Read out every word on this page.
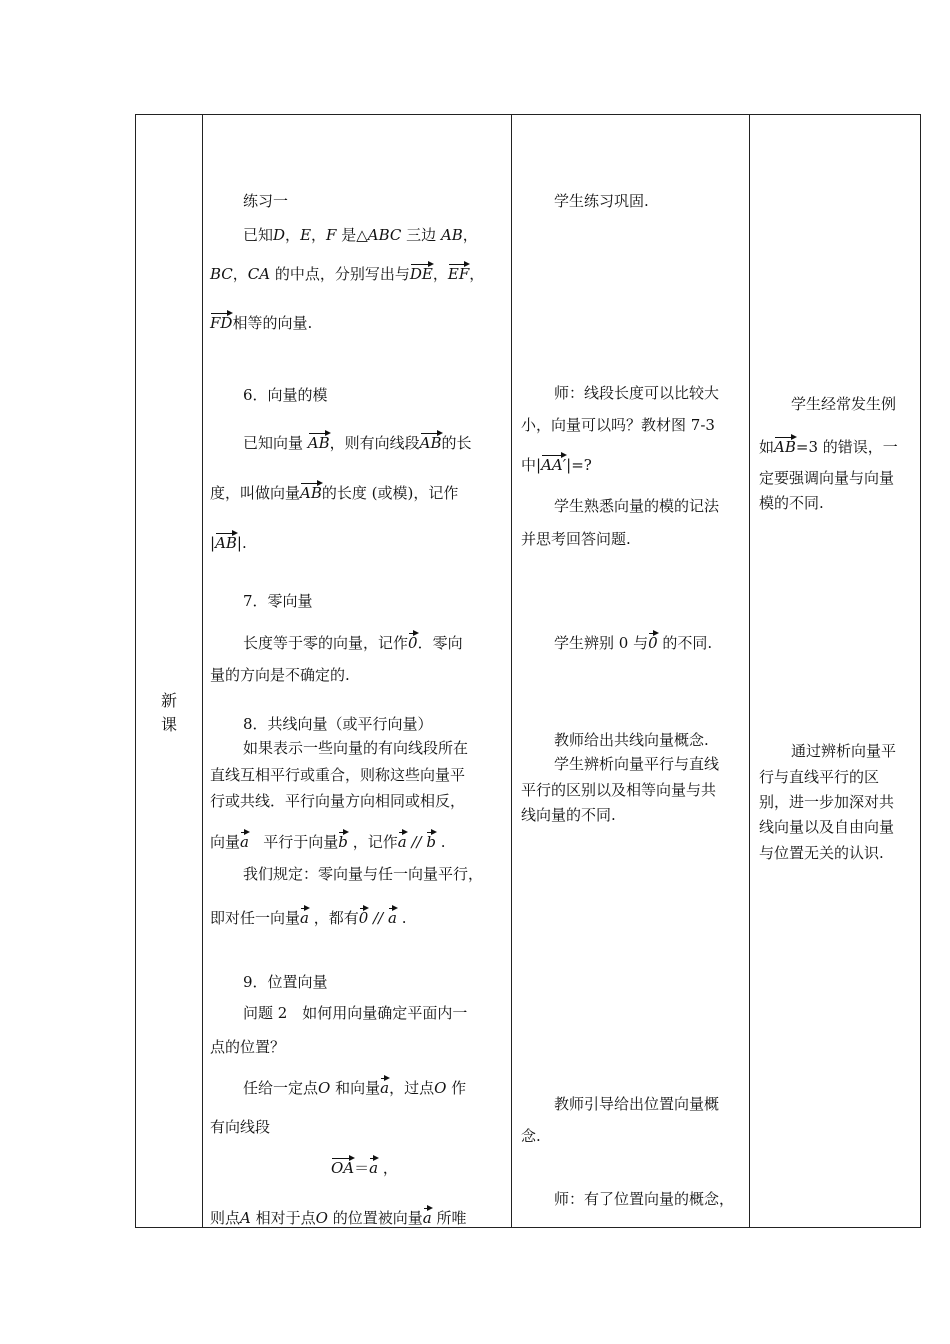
新
课
练习一
已知D，E，F 是△ABC 三边 AB，
BC，CA 的中点，分别写出与DE，EF，
FD相等的向量.
6．向量的模
已知向量 AB，则有向线段AB的长
度，叫做向量AB的长度 (或模)，记作
|AB|.
7．零向量
长度等于零的向量，记作0．零向
量的方向是不确定的.
8．共线向量（或平行向量）
如果表示一些向量的有向线段所在
直线互相平行或重合，则称这些向量平
行或共线．平行向量方向相同或相反，
向量a 平行于向量b ，记作a // b .
我们规定：零向量与任一向量平行，
即对任一向量a ，都有0 // a .
9．位置向量
问题 2　如何用向量确定平面内一
点的位置？
任给一定点O 和向量a，过点O 作
有向线段
OA＝a ，
则点A 相对于点O 的位置被向量a 所唯
学生练习巩固.
师：线段长度可以比较大
小，向量可以吗？教材图 7-3
中|AA′|=?
学生熟悉向量的模的记法
并思考回答问题.
学生辨别 0 与0 的不同.
教师给出共线向量概念.
学生辨析向量平行与直线
平行的区别以及相等向量与共
线向量的不同.
教师引导给出位置向量概
念.
师：有了位置向量的概念，
学生经常发生例
如AB=3 的错误，一
定要强调向量与向量
模的不同.
通过辨析向量平
行与直线平行的区
别，进一步加深对共
线向量以及自由向量
与位置无关的认识.
